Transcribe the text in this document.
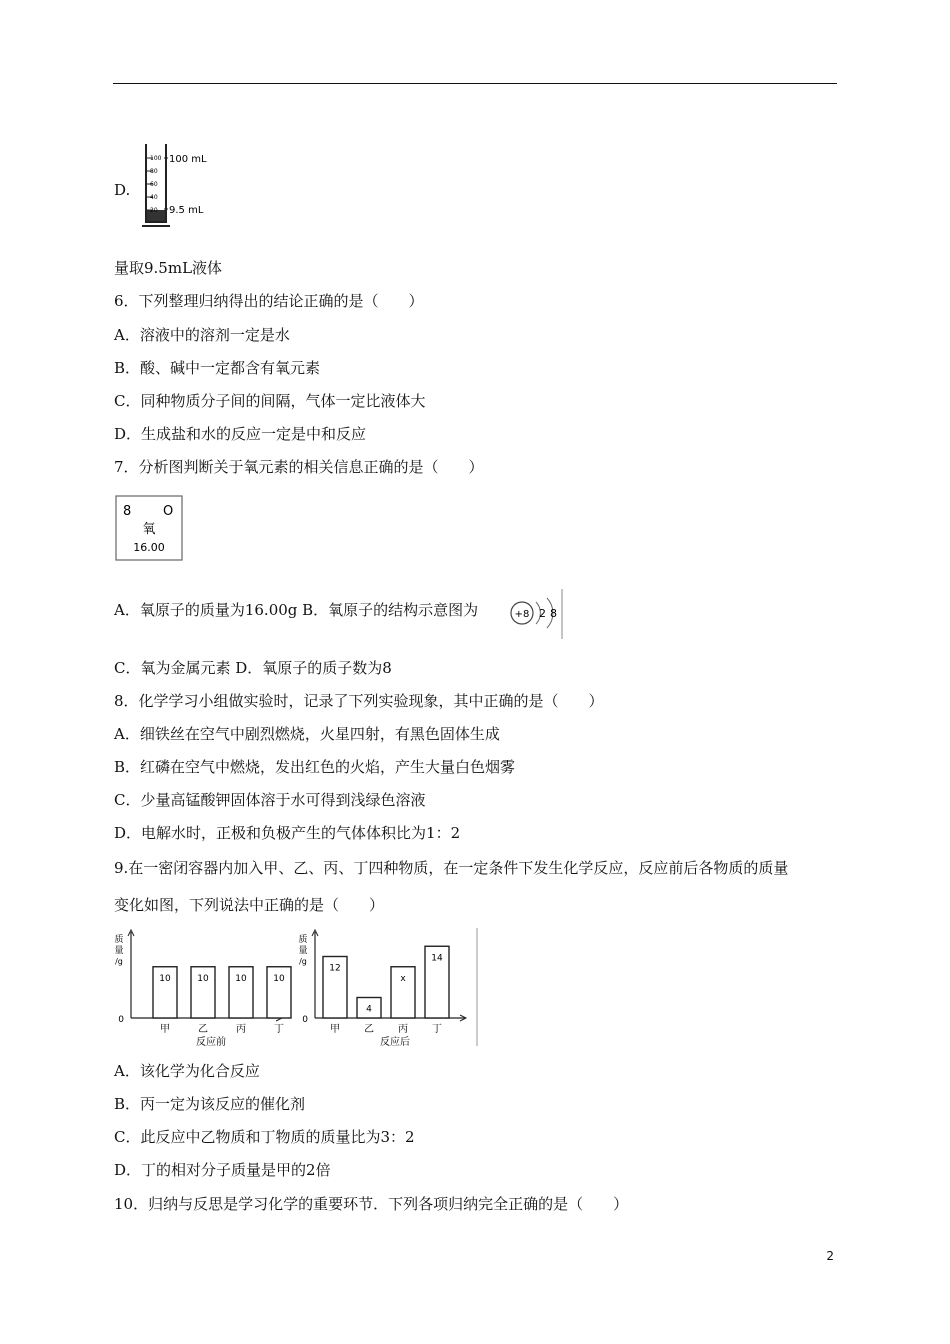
D.
100
80
60
40
20
100 mL
9.5 mL
量取9.5mL液体
6．下列整理归纳得出的结论正确的是（　　）
A．溶液中的溶剂一定是水
B．酸、碱中一定都含有氧元素
C．同种物质分子间的间隔，气体一定比液体大
D．生成盐和水的反应一定是中和反应
7．分析图判断关于氧元素的相关信息正确的是（　　）
8 O
氧
16.00
A．氧原子的质量为16.00g B．氧原子的结构示意图为	+8 2 8
C．氧为金属元素 D．氧原子的质子数为8
8．化学学习小组做实验时，记录了下列实验现象，其中正确的是（　　）
A．细铁丝在空气中剧烈燃烧，火星四射，有黑色固体生成
B．红磷在空气中燃烧，发出红色的火焰，产生大量白色烟雾
C．少量高锰酸钾固体溶于水可得到浅绿色溶液
D．电解水时，正极和负极产生的气体体积比为1：2
9.在一密闭容器内加入甲、乙、丙、丁四种物质，在一定条件下发生化学反应，反应前后各物质的质量
变化如图，下列说法中正确的是（　　）
质
量
/g
0
10
甲
10
乙
10
丙
10
丁
反应前
质
量
/g
0
12
甲
4
乙
x
丙
14
丁
反应后
A．该化学为化合反应
B．丙一定为该反应的催化剂
C．此反应中乙物质和丁物质的质量比为3：2
D．丁的相对分子质量是甲的2倍
10．归纳与反思是学习化学的重要环节．下列各项归纳完全正确的是（　　）
2
